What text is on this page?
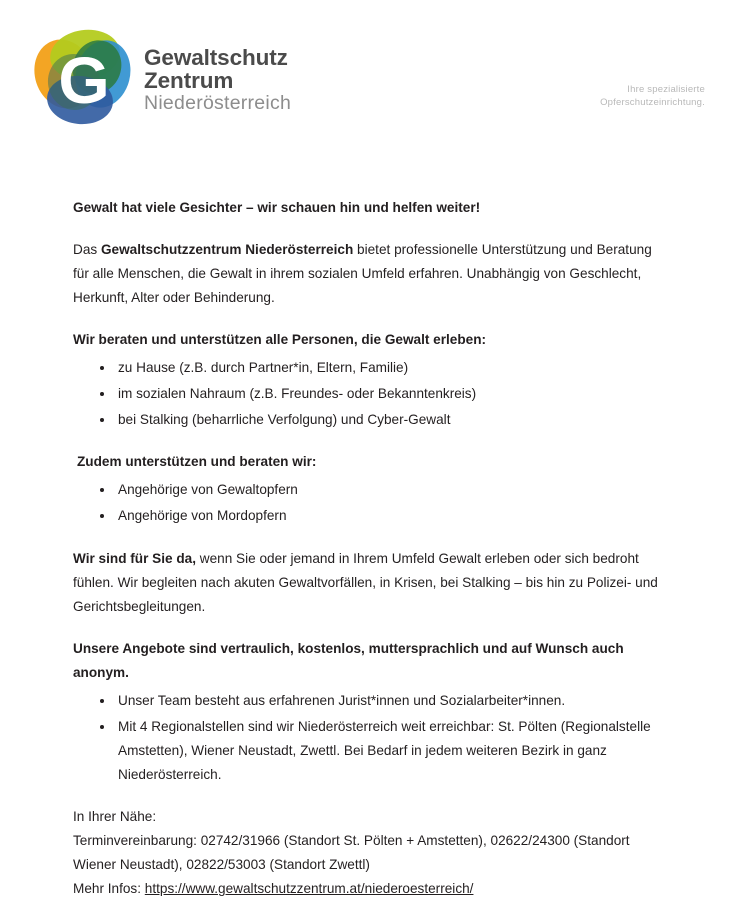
G Gewaltschutz
Zentrum
Niederösterreich
Ihre spezialisierte
Opferschutzeinrichtung.

Gewalt hat viele Gesichter – wir schauen hin und helfen weiter!

Das Gewaltschutzzentrum Niederösterreich bietet professionelle Unterstützung und Beratung für alle Menschen, die Gewalt in ihrem sozialen Umfeld erfahren. Unabhängig von Geschlecht, Herkunft, Alter oder Behinderung.

Wir beraten und unterstützen alle Personen, die Gewalt erleben:

zu Hause (z.B. durch Partner*in, Eltern, Familie)
im sozialen Nahraum (z.B. Freundes- oder Bekanntenkreis)
bei Stalking (beharrliche Verfolgung) und Cyber-Gewalt

Zudem unterstützen und beraten wir:

Angehörige von Gewaltopfern
Angehörige von Mordopfern

Wir sind für Sie da, wenn Sie oder jemand in Ihrem Umfeld Gewalt erleben oder sich bedroht fühlen. Wir begleiten nach akuten Gewaltvorfällen, in Krisen, bei Stalking – bis hin zu Polizei- und Gerichtsbegleitungen.

Unsere Angebote sind vertraulich, kostenlos, muttersprachlich und auf Wunsch auch anonym.

Unser Team besteht aus erfahrenen Jurist*innen und Sozialarbeiter*innen.
Mit 4 Regionalstellen sind wir Niederösterreich weit erreichbar: St. Pölten (Regionalstelle Amstetten), Wiener Neustadt, Zwettl. Bei Bedarf in jedem weiteren Bezirk in ganz Niederösterreich.

In Ihrer Nähe:

Terminvereinbarung: 02742/31966 (Standort St. Pölten + Amstetten), 02622/24300 (Standort Wiener Neustadt), 02822/53003 (Standort Zwettl)

Mehr Infos: https://www.gewaltschutzzentrum.at/niederoesterreich/
